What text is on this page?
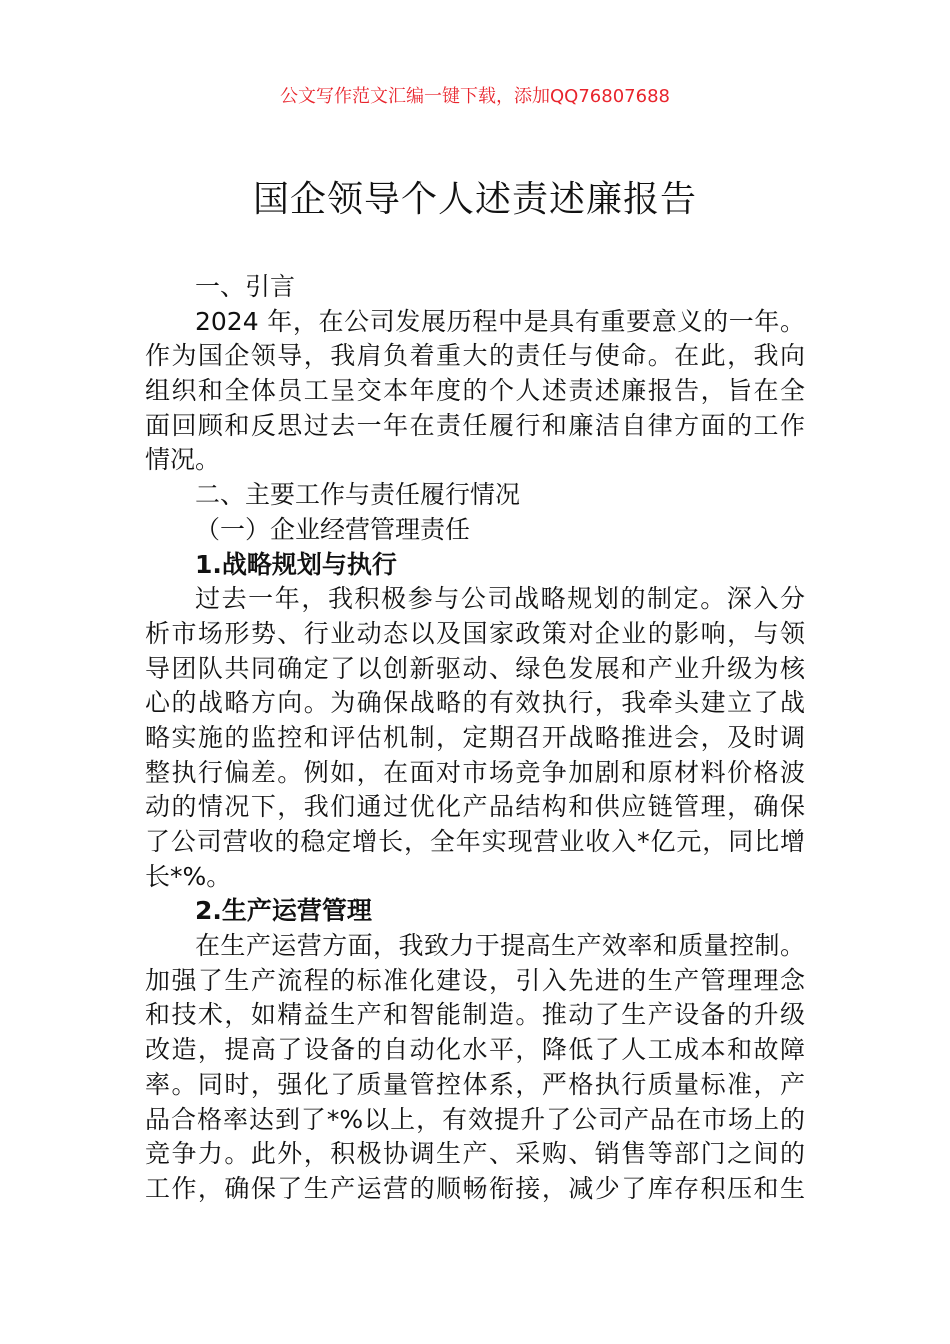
公文写作范文汇编一键下载，添加QQ76807688
国企领导个人述责述廉报告
一、引言
2024 年，在公司发展历程中是具有重要意义的一年。
作为国企领导，我肩负着重大的责任与使命。在此，我向
组织和全体员工呈交本年度的个人述责述廉报告，旨在全
面回顾和反思过去一年在责任履行和廉洁自律方面的工作
情况。
二、主要工作与责任履行情况
（一）企业经营管理责任
1.战略规划与执行
过去一年，我积极参与公司战略规划的制定。深入分
析市场形势、行业动态以及国家政策对企业的影响，与领
导团队共同确定了以创新驱动、绿色发展和产业升级为核
心的战略方向。为确保战略的有效执行，我牵头建立了战
略实施的监控和评估机制，定期召开战略推进会，及时调
整执行偏差。例如，在面对市场竞争加剧和原材料价格波
动的情况下，我们通过优化产品结构和供应链管理，确保
了公司营收的稳定增长，全年实现营业收入*亿元，同比增
长*%。
2.生产运营管理
在生产运营方面，我致力于提高生产效率和质量控制。
加强了生产流程的标准化建设，引入先进的生产管理理念
和技术，如精益生产和智能制造。推动了生产设备的升级
改造，提高了设备的自动化水平，降低了人工成本和故障
率。同时，强化了质量管控体系，严格执行质量标准，产
品合格率达到了*%以上，有效提升了公司产品在市场上的
竞争力。此外，积极协调生产、采购、销售等部门之间的
工作，确保了生产运营的顺畅衔接，减少了库存积压和生
